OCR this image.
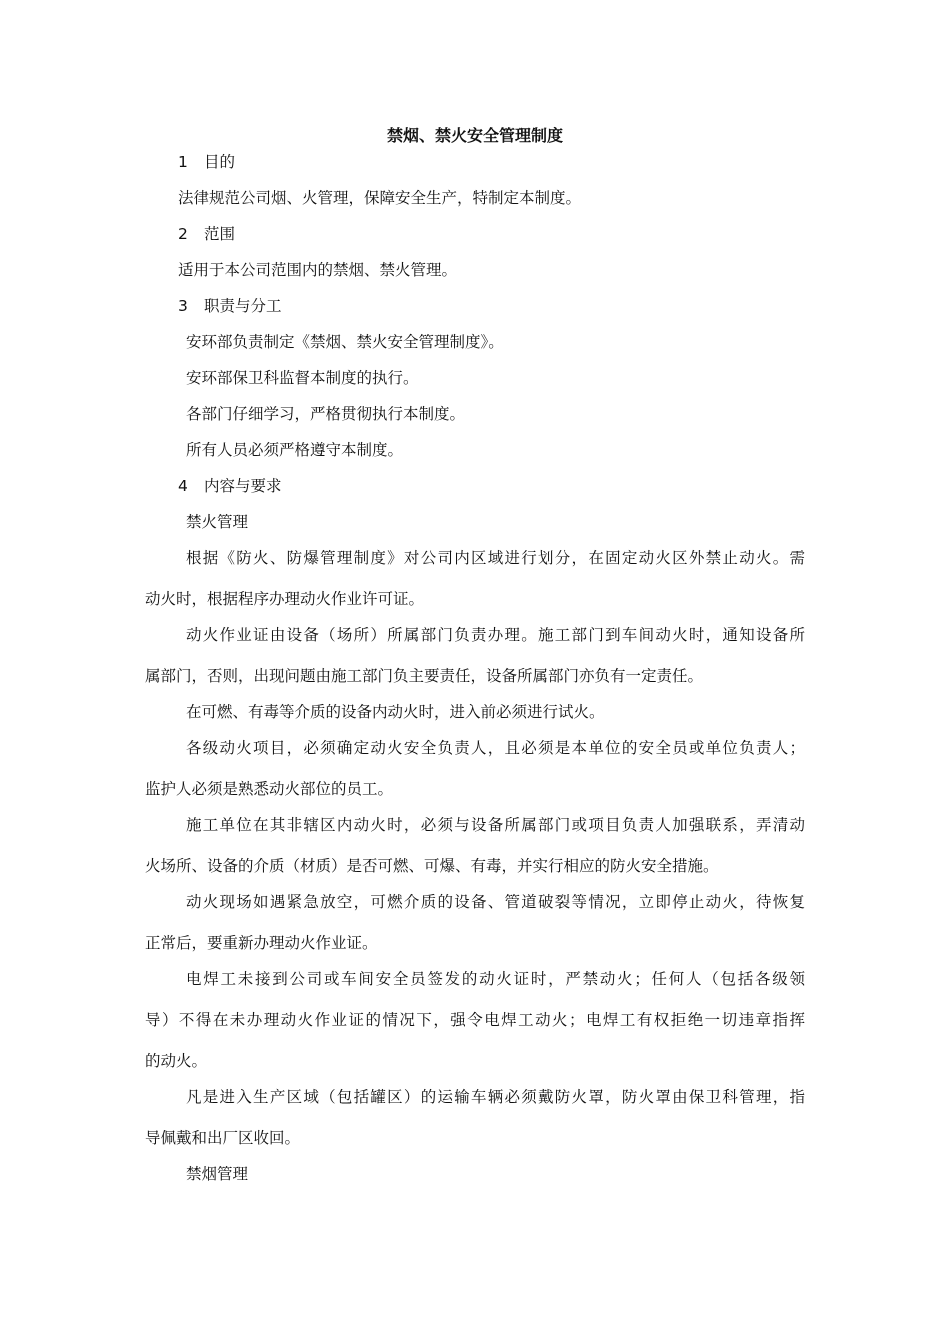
禁烟、禁火安全管理制度
1 目的
法律规范公司烟、火管理，保障安全生产，特制定本制度。
2 范围
适用于本公司范围内的禁烟、禁火管理。
3 职责与分工
安环部负责制定《禁烟、禁火安全管理制度》。
安环部保卫科监督本制度的执行。
各部门仔细学习，严格贯彻执行本制度。
所有人员必须严格遵守本制度。
4 内容与要求
禁火管理
根据《防火、防爆管理制度》对公司内区域进行划分，在固定动火区外禁止动火。需
动火时，根据程序办理动火作业许可证。
动火作业证由设备（场所）所属部门负责办理。施工部门到车间动火时，通知设备所
属部门，否则，出现问题由施工部门负主要责任，设备所属部门亦负有一定责任。
在可燃、有毒等介质的设备内动火时，进入前必须进行试火。
各级动火项目，必须确定动火安全负责人，且必须是本单位的安全员或单位负责人；
监护人必须是熟悉动火部位的员工。
施工单位在其非辖区内动火时，必须与设备所属部门或项目负责人加强联系，弄清动
火场所、设备的介质（材质）是否可燃、可爆、有毒，并实行相应的防火安全措施。
动火现场如遇紧急放空，可燃介质的设备、管道破裂等情况，立即停止动火，待恢复
正常后，要重新办理动火作业证。
电焊工未接到公司或车间安全员签发的动火证时，严禁动火；任何人（包括各级领
导）不得在未办理动火作业证的情况下，强令电焊工动火；电焊工有权拒绝一切违章指挥
的动火。
凡是进入生产区域（包括罐区）的运输车辆必须戴防火罩，防火罩由保卫科管理，指
导佩戴和出厂区收回。
禁烟管理
